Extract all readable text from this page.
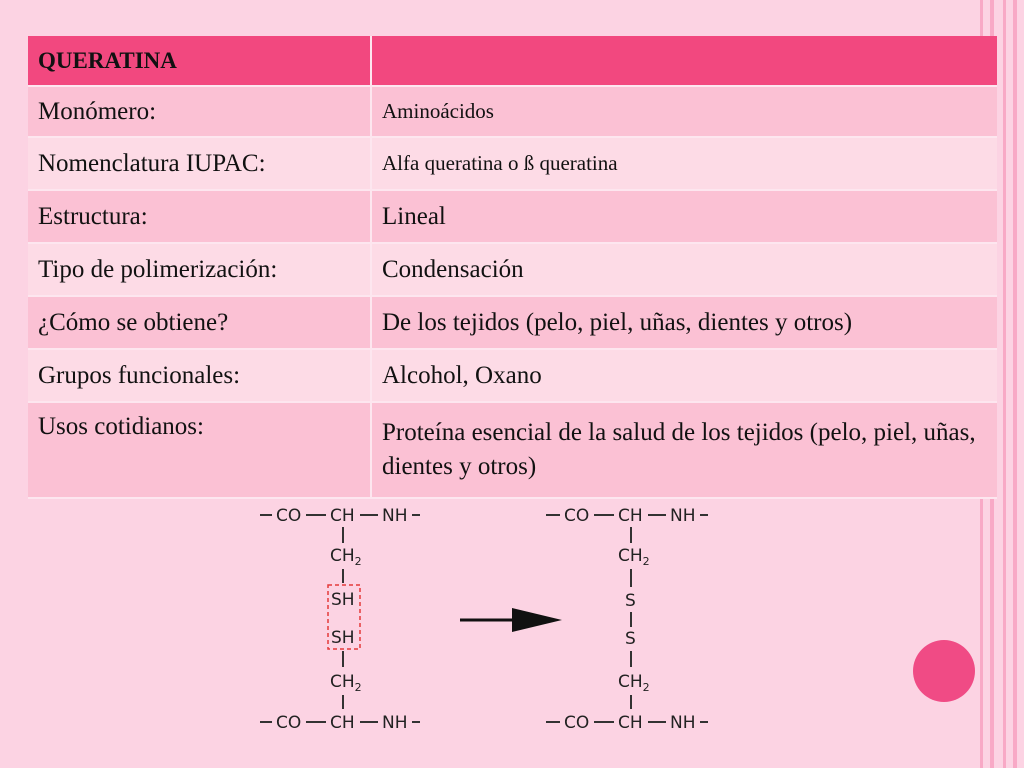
QUERATINA	
Monómero:	Aminoácidos
Nomenclatura IUPAC:	Alfa queratina o ß queratina
Estructura:	Lineal
Tipo de polimerización:	Condensación
¿Cómo se obtiene?	De los tejidos (pelo, piel, uñas, dientes y otros)
Grupos funcionales:	Alcohol, Oxano
Usos cotidianos:	Proteína esencial de la salud de los tejidos (pelo, piel, uñas, dientes y otros)
CO CH NH
$CH_2$
SH
SH
$CH_2$
CO CH NH
CO CH NH
$CH_2$
S
S
$CH_2$
CO CH NH
